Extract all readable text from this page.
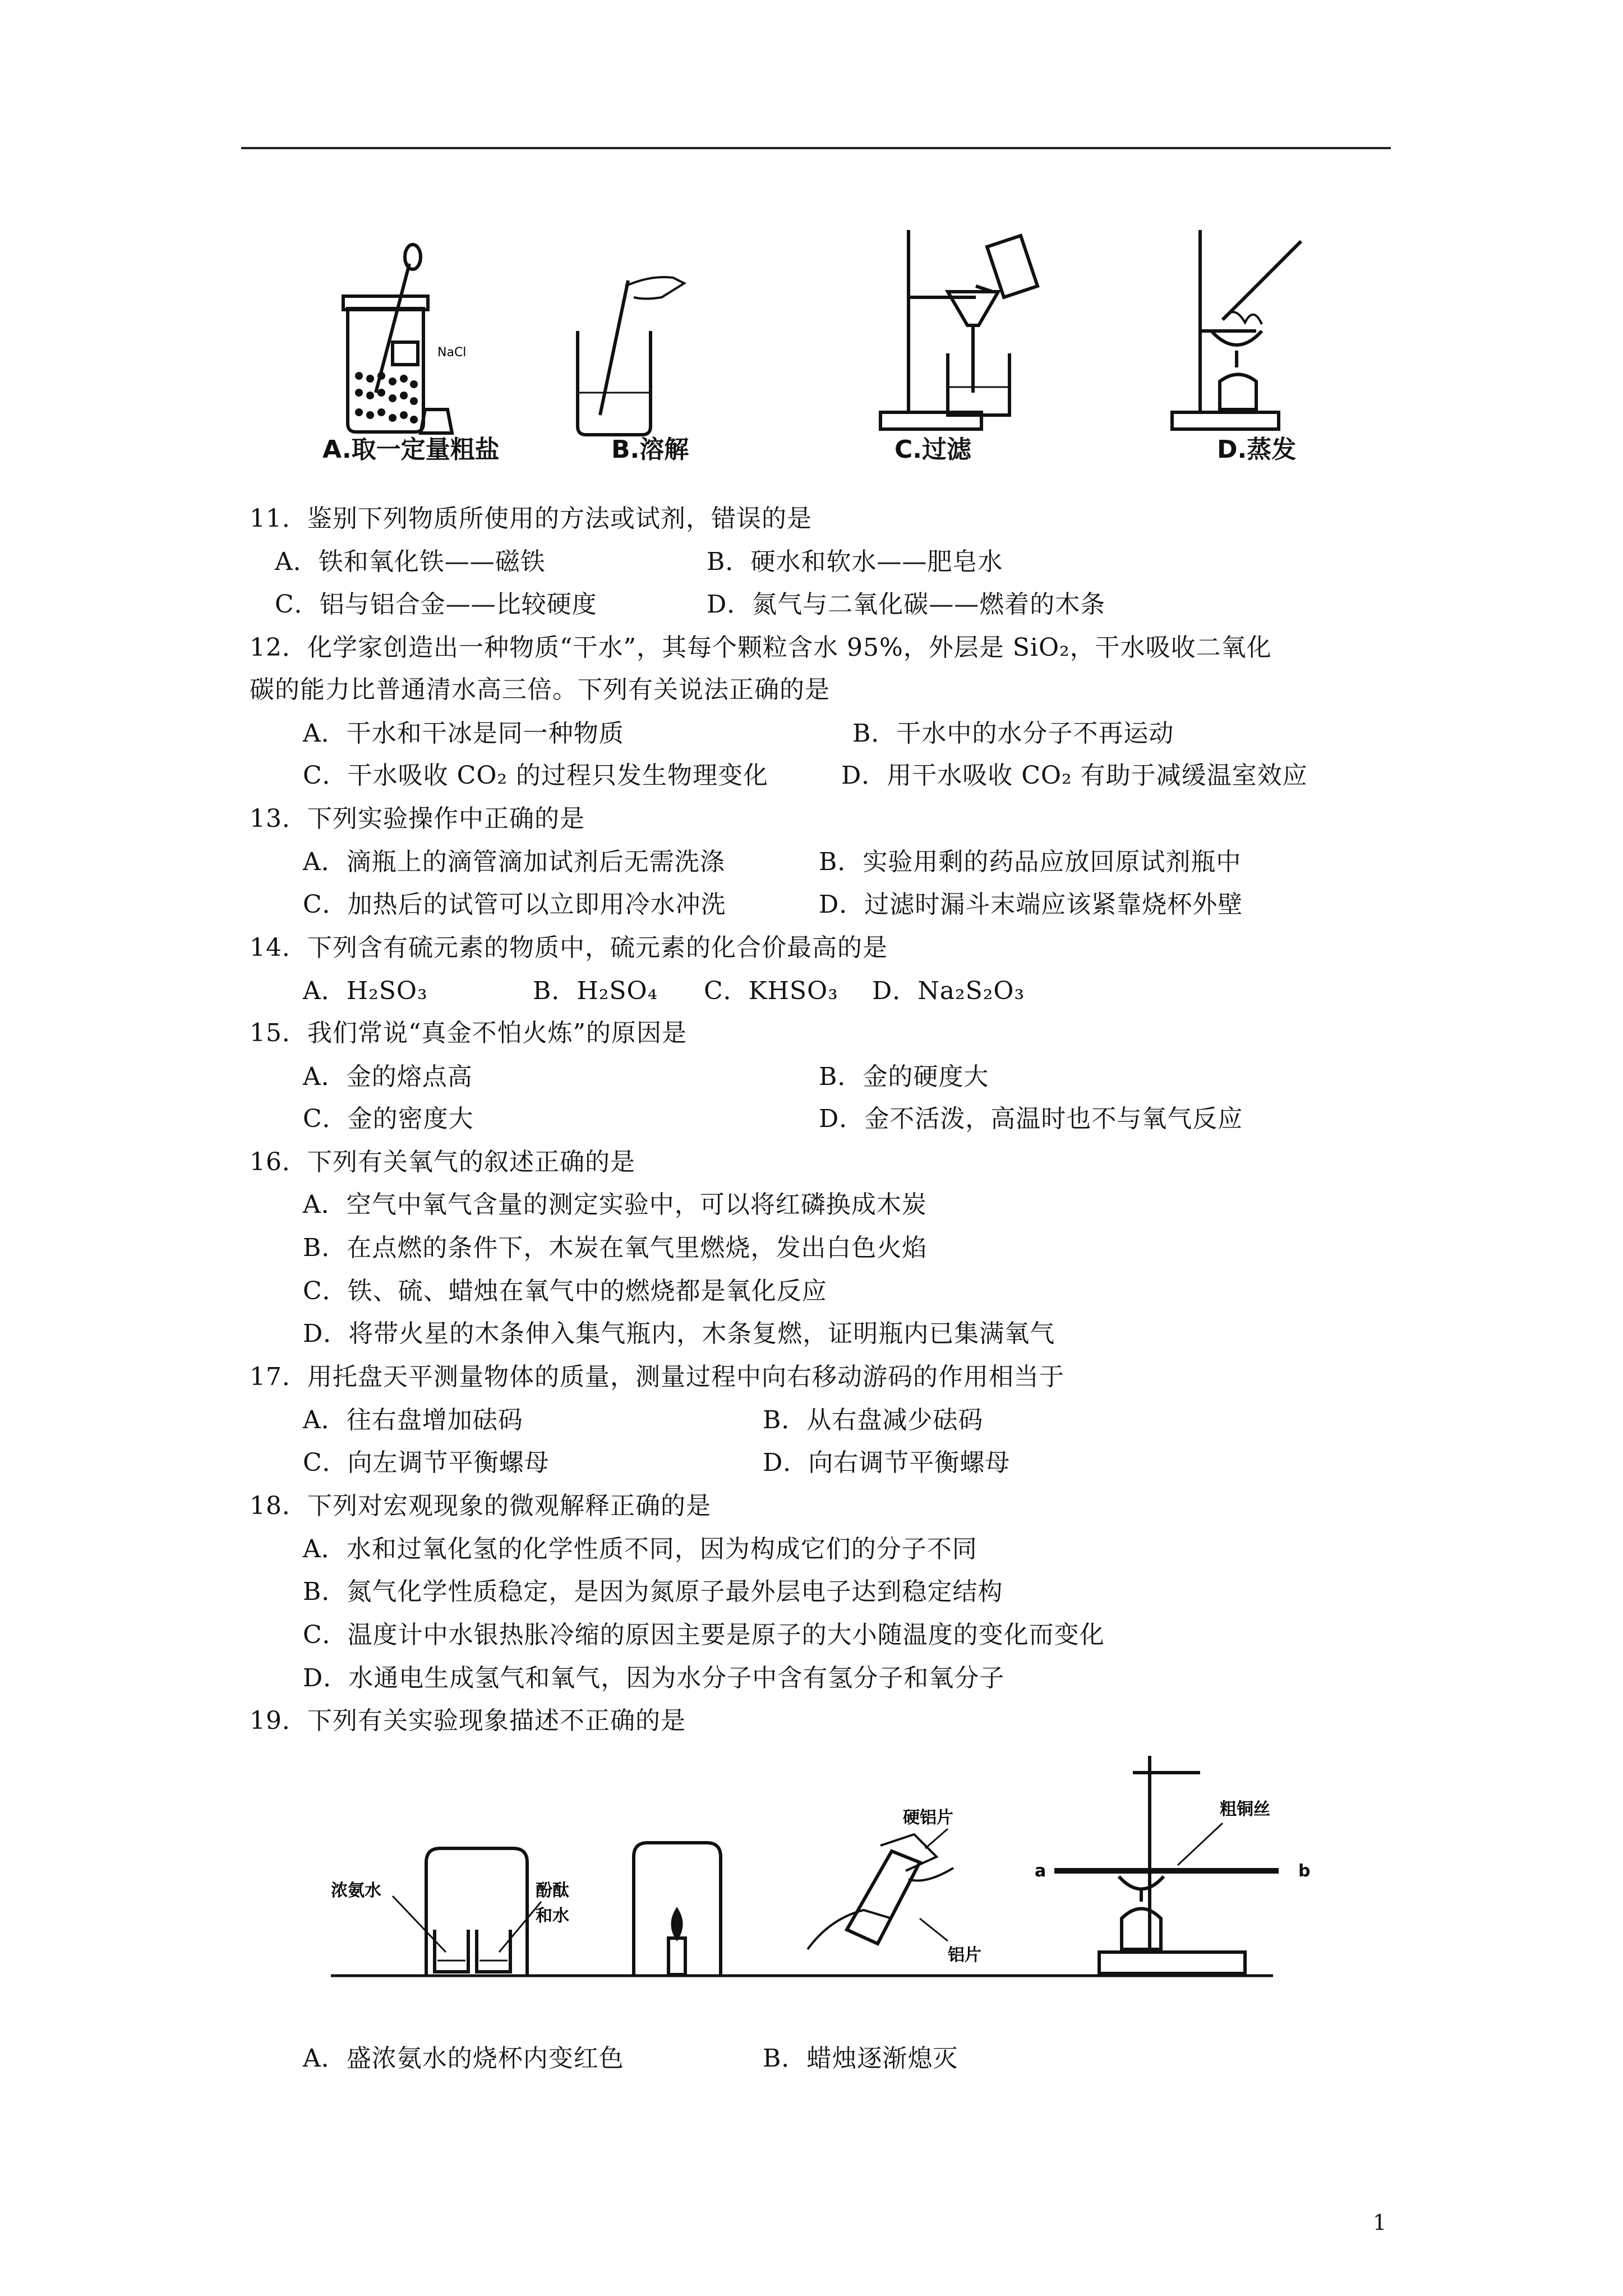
NaCl
A.取一定量粗盐	B.溶解	C.过滤	D.蒸发
11．鉴别下列物质所使用的方法或试剂，错误的是
A．铁和氧化铁——磁铁	B．硬水和软水——肥皂水
C．铝与铝合金——比较硬度	D．氮气与二氧化碳——燃着的木条
12．化学家创造出一种物质“干水”，其每个颗粒含水 95%，外层是 SiO₂，干水吸收二氧化
碳的能力比普通清水高三倍。下列有关说法正确的是
A．干水和干冰是同一种物质	B．干水中的水分子不再运动
C．干水吸收 CO₂ 的过程只发生物理变化	D．用干水吸收 CO₂ 有助于减缓温室效应
13．下列实验操作中正确的是
A．滴瓶上的滴管滴加试剂后无需洗涤	B．实验用剩的药品应放回原试剂瓶中
C．加热后的试管可以立即用冷水冲洗	D．过滤时漏斗末端应该紧靠烧杯外壁
14．下列含有硫元素的物质中，硫元素的化合价最高的是
A．H₂SO₃	B．H₂SO₄ C．KHSO₃ D．Na₂S₂O₃
15．我们常说“真金不怕火炼”的原因是
A．金的熔点高	B．金的硬度大
C．金的密度大	D．金不活泼，高温时也不与氧气反应
16．下列有关氧气的叙述正确的是
A．空气中氧气含量的测定实验中，可以将红磷换成木炭
B．在点燃的条件下，木炭在氧气里燃烧，发出白色火焰
C．铁、硫、蜡烛在氧气中的燃烧都是氧化反应
D．将带火星的木条伸入集气瓶内，木条复燃，证明瓶内已集满氧气
17．用托盘天平测量物体的质量，测量过程中向右移动游码的作用相当于
A．往右盘增加砝码	B．从右盘减少砝码
C．向左调节平衡螺母	D．向右调节平衡螺母
18．下列对宏观现象的微观解释正确的是
A．水和过氧化氢的化学性质不同，因为构成它们的分子不同
B．氮气化学性质稳定，是因为氮原子最外层电子达到稳定结构
C．温度计中水银热胀冷缩的原因主要是原子的大小随温度的变化而变化
D．水通电生成氢气和氧气，因为水分子中含有氢分子和氧分子
19．下列有关实验现象描述不正确的是
浓氨水	酚酞
和水
硬铝片
铝片
粗铜丝
a	b
A．盛浓氨水的烧杯内变红色	B．蜡烛逐渐熄灭
1
